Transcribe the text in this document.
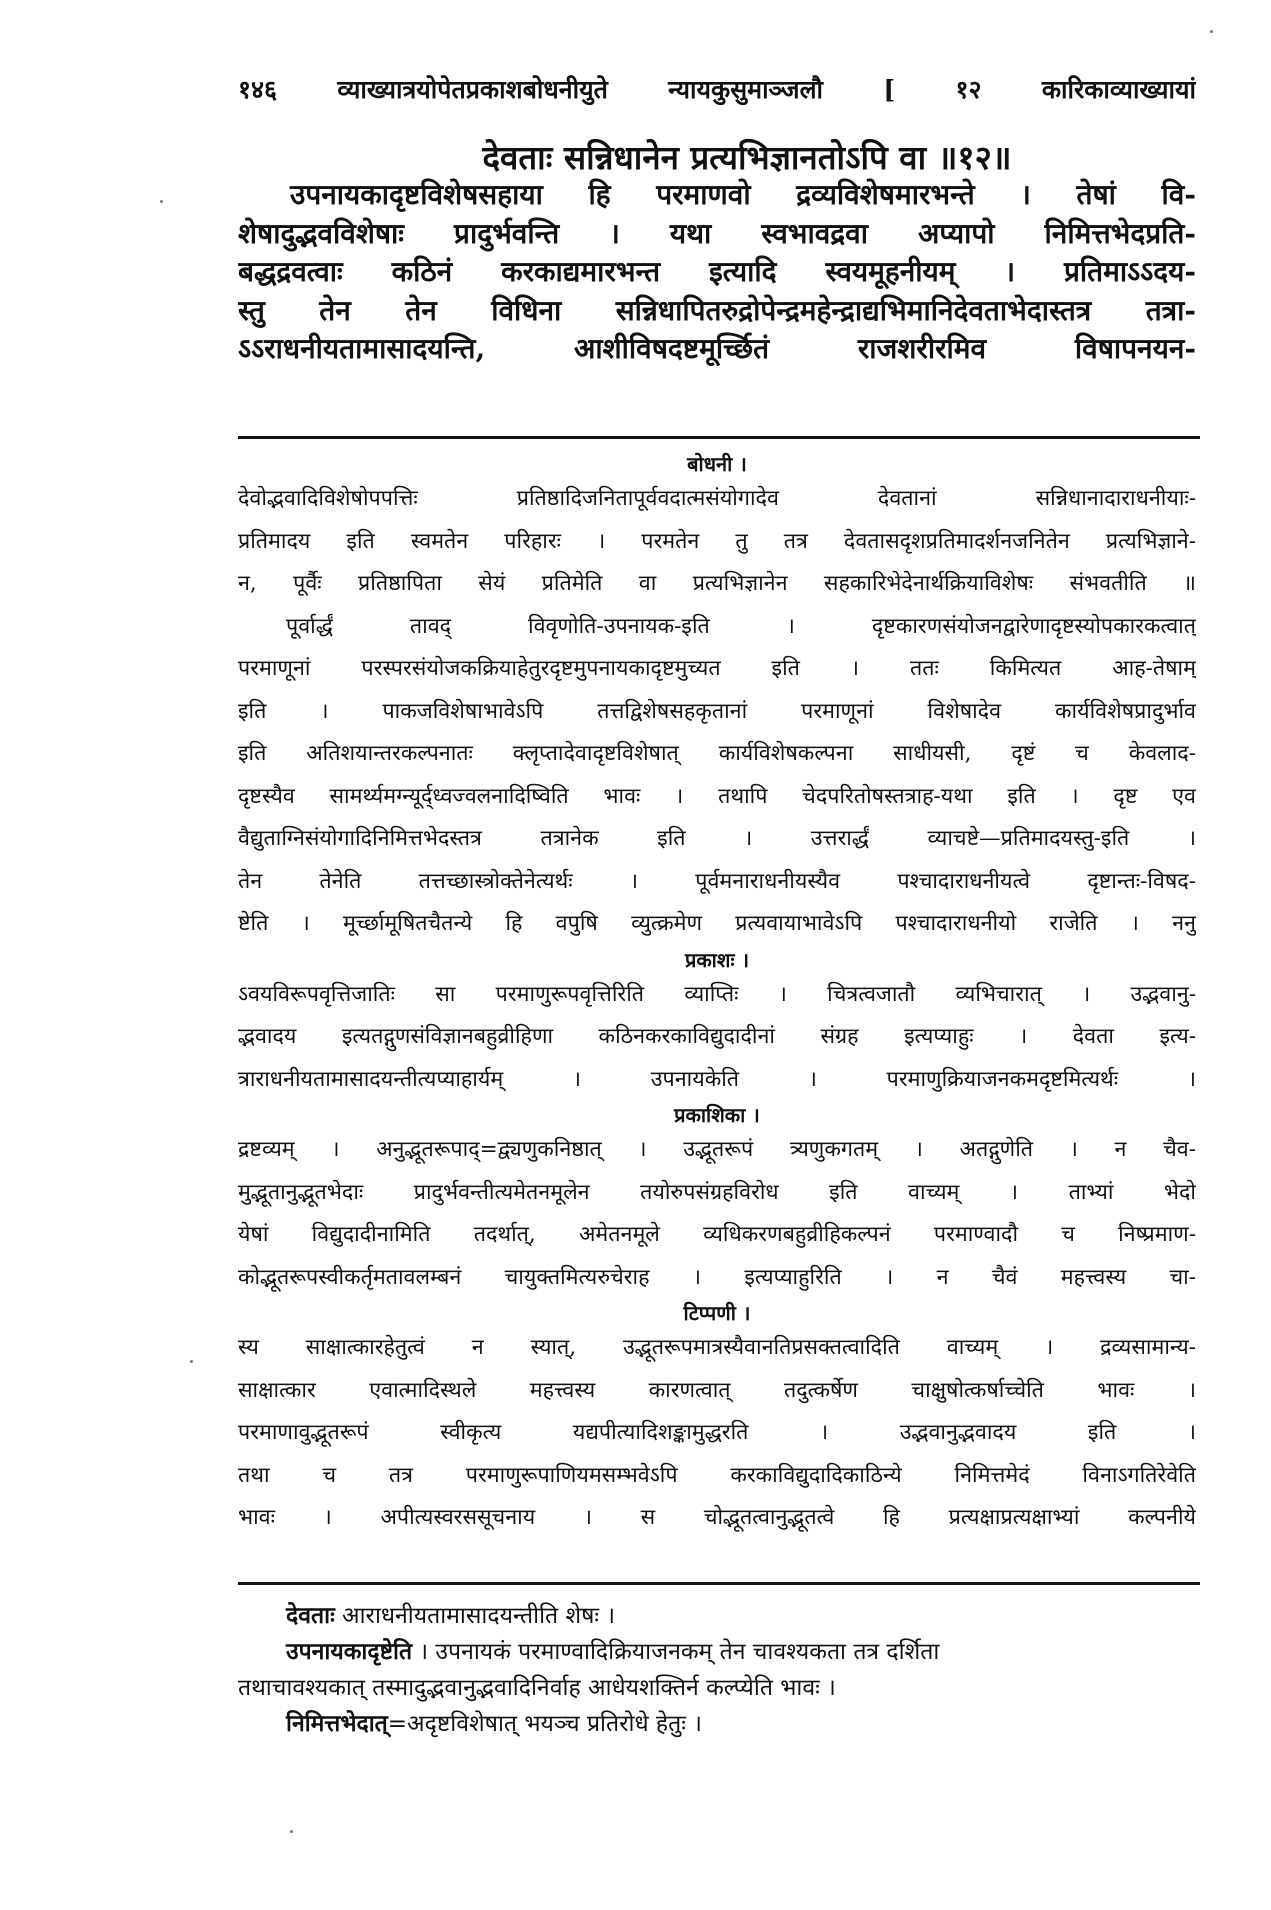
१४६ व्याख्यात्रयोपेतप्रकाशबोधनीयुते न्यायकुसुमाञ्जलौ [ १२ कारिकाव्याख्यायां
देवताः सन्निधानेन प्रत्यभिज्ञानतोऽपि वा ॥१२॥
उपनायकादृष्टविशेषसहाया हि परमाणवो द्रव्यविशेषमारभन्ते । तेषां वि-
शेषादुद्भवविशेषाः प्रादुर्भवन्ति । यथा स्वभावद्रवा अप्यापो निमित्तभेदप्रति-
बद्धद्रवत्वाः कठिनं करकाद्यमारभन्त इत्यादि स्वयमूहनीयम् । प्रतिमाऽऽदय-
स्तु तेन तेन विधिना सन्निधापितरुद्रोपेन्द्रमहेन्द्राद्यभिमानिदेवताभेदास्तत्र तत्रा-
ऽऽराधनीयतामासादयन्ति, आशीविषदष्टमूर्च्छितं राजशरीरमिव विषापनयन-
बोधनी ।
देवोद्भवादिविशेषोपपत्तिः प्रतिष्ठादिजनितापूर्ववदात्मसंयोगादेव देवतानां सन्निधानादाराधनीयाः-
प्रतिमादय इति स्वमतेन परिहारः । परमतेन तु तत्र देवतासदृशप्रतिमादर्शनजनितेन प्रत्यभिज्ञाने-
न, पूर्वैः प्रतिष्ठापिता सेयं प्रतिमेति वा प्रत्यभिज्ञानेन सहकारिभेदेनार्थक्रियाविशेषः संभवतीति ॥
पूर्वार्द्धं तावद् विवृणोति-उपनायक-इति । दृष्टकारणसंयोजनद्वारेणादृष्टस्योपकारकत्वात्
परमाणूनां परस्परसंयोजकक्रियाहेतुरदृष्टमुपनायकादृष्टमुच्यत इति । ततः किमित्यत आह-तेषाम्
इति । पाकजविशेषाभावेऽपि तत्तद्विशेषसहकृतानां परमाणूनां विशेषादेव कार्यविशेषप्रादुर्भाव
इति अतिशयान्तरकल्पनातः क्लृप्तादेवादृष्टविशेषात् कार्यविशेषकल्पना साधीयसी, दृष्टं च केवलाद-
दृष्टस्यैव सामर्थ्यमग्न्यूर्द्ध्वज्वलनादिष्विति भावः । तथापि चेदपरितोषस्तत्राह-यथा इति । दृष्ट एव
वैद्युताग्निसंयोगादिनिमित्तभेदस्तत्र तत्रानेक इति । उत्तरार्द्धं व्याचष्टे—प्रतिमादयस्तु-इति ।
तेन तेनेति तत्तच्छास्त्रोक्तेनेत्यर्थः । पूर्वमनाराधनीयस्यैव पश्चादाराधनीयत्वे दृष्टान्तः-विषद-
ष्टेति । मूर्च्छामूषितचैतन्ये हि वपुषि व्युत्क्रमेण प्रत्यवायाभावेऽपि पश्चादाराधनीयो राजेति । ननु
प्रकाशः ।
ऽवयविरूपवृत्तिजातिः सा परमाणुरूपवृत्तिरिति व्याप्तिः । चित्रत्वजातौ व्यभिचारात् । उद्भवानु-
द्भवादय इत्यतद्गुणसंविज्ञानबहुव्रीहिणा कठिनकरकाविद्युदादीनां संग्रह इत्यप्याहुः । देवता इत्य-
त्राराधनीयतामासादयन्तीत्यप्याहार्यम् । उपनायकेति । परमाणुक्रियाजनकमदृष्टमित्यर्थः ।
प्रकाशिका ।
द्रष्टव्यम् । अनुद्भूतरूपाद्=द्व्यणुकनिष्ठात् । उद्भूतरूपं त्र्यणुकगतम् । अतद्गुणेति । न चैव-
मुद्भूतानुद्भूतभेदाः प्रादुर्भवन्तीत्यमेतनमूलेन तयोरुपसंग्रहविरोध इति वाच्यम् । ताभ्यां भेदो
येषां विद्युदादीनामिति तदर्थात्, अमेतनमूले व्यधिकरणबहुव्रीहिकल्पनं परमाण्वादौ च निष्प्रमाण-
कोद्भूतरूपस्वीकर्तृमतावलम्बनं चायुक्तमित्यरुचेराह । इत्यप्याहुरिति । न चैवं महत्त्वस्य चा-
टिप्पणी ।
स्य साक्षात्कारहेतुत्वं न स्यात्, उद्भूतरूपमात्रस्यैवानतिप्रसक्तत्वादिति वाच्यम् । द्रव्यसामान्य-
साक्षात्कार एवात्मादिस्थले महत्त्वस्य कारणत्वात् तदुत्कर्षेण चाक्षुषोत्कर्षाच्चेति भावः ।
परमाणावुद्भूतरूपं स्वीकृत्य यद्यपीत्यादिशङ्कामुद्धरति । उद्भवानुद्भवादय इति ।
तथा च तत्र परमाणुरूपाणियमसम्भवेऽपि करकाविद्युदादिकाठिन्ये निमित्तमेदं विनाऽगतिरेवेति
भावः । अपीत्यस्वरससूचनाय । स चोद्भूतत्वानुद्भूतत्वे हि प्रत्यक्षाप्रत्यक्षाभ्यां कल्पनीये
देवताः आराधनीयतामासादयन्तीति शेषः ।
उपनायकादृष्टेति । उपनायकं परमाण्वादिक्रियाजनकम् तेन चावश्यकता तत्र दर्शिता
तथाचावश्यकात् तस्मादुद्भवानुद्भवादिनिर्वाह आधेयशक्तिर्न कल्प्येति भावः ।
निमित्तभेदात्=अदृष्टविशेषात् भयञ्च प्रतिरोधे हेतुः ।
